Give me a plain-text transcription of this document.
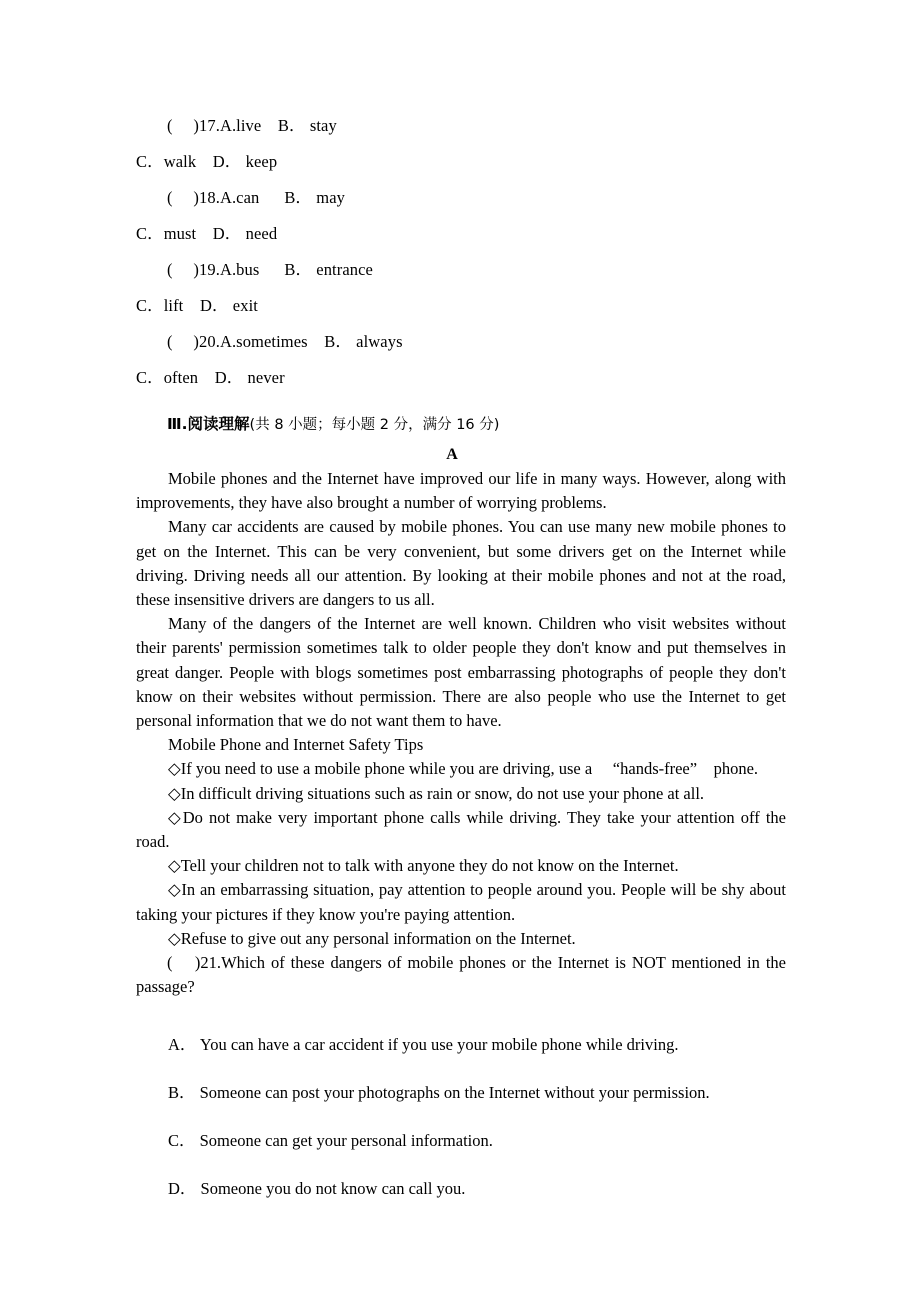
(  )17.A.live B． stay
C．walk D． keep
(  )18.A.can  B． may
C．must D． need
(  )19.A.bus  B． entrance
C．lift D． exit
(  )20.A.sometimes B． always
C．often D． never
Ⅲ.阅读理解(共 8 小题；每小题 2 分，满分 16 分)
A

Mobile phones and the Internet have improved our life in many ways. However, along with improvements, they have also brought a number of worrying problems.

Many car accidents are caused by mobile phones. You can use many new mobile phones to get on the Internet. This can be very convenient, but some drivers get on the Internet while driving. Driving needs all our attention. By looking at their mobile phones and not at the road, these insensitive drivers are dangers to us all.

Many of the dangers of the Internet are well known. Children who visit websites without their parents' permission sometimes talk to older people they don't know and put themselves in great danger. People with blogs sometimes post embarrassing photographs of people they don't know on their websites without permission. There are also people who use the Internet to get personal information that we do not want them to have.

Mobile Phone and Internet Safety Tips

◇If you need to use a mobile phone while you are driving, use a 　“hands-free”　phone.

◇In difficult driving situations such as rain or snow, do not use your phone at all.

◇Do not make very important phone calls while driving. They take your attention off the road.

◇Tell your children not to talk with anyone they do not know on the Internet.

◇In an embarrassing situation, pay attention to people around you. People will be shy about taking your pictures if they know you're paying attention.

◇Refuse to give out any personal information on the Internet.

(  )21.Which of these dangers of mobile phones or the Internet is NOT mentioned in the passage?

A． You can have a car accident if you use your mobile phone while driving.
B． Someone can post your photographs on the Internet without your permission.
C． Someone can get your personal information.
D． Someone you do not know can call you.
